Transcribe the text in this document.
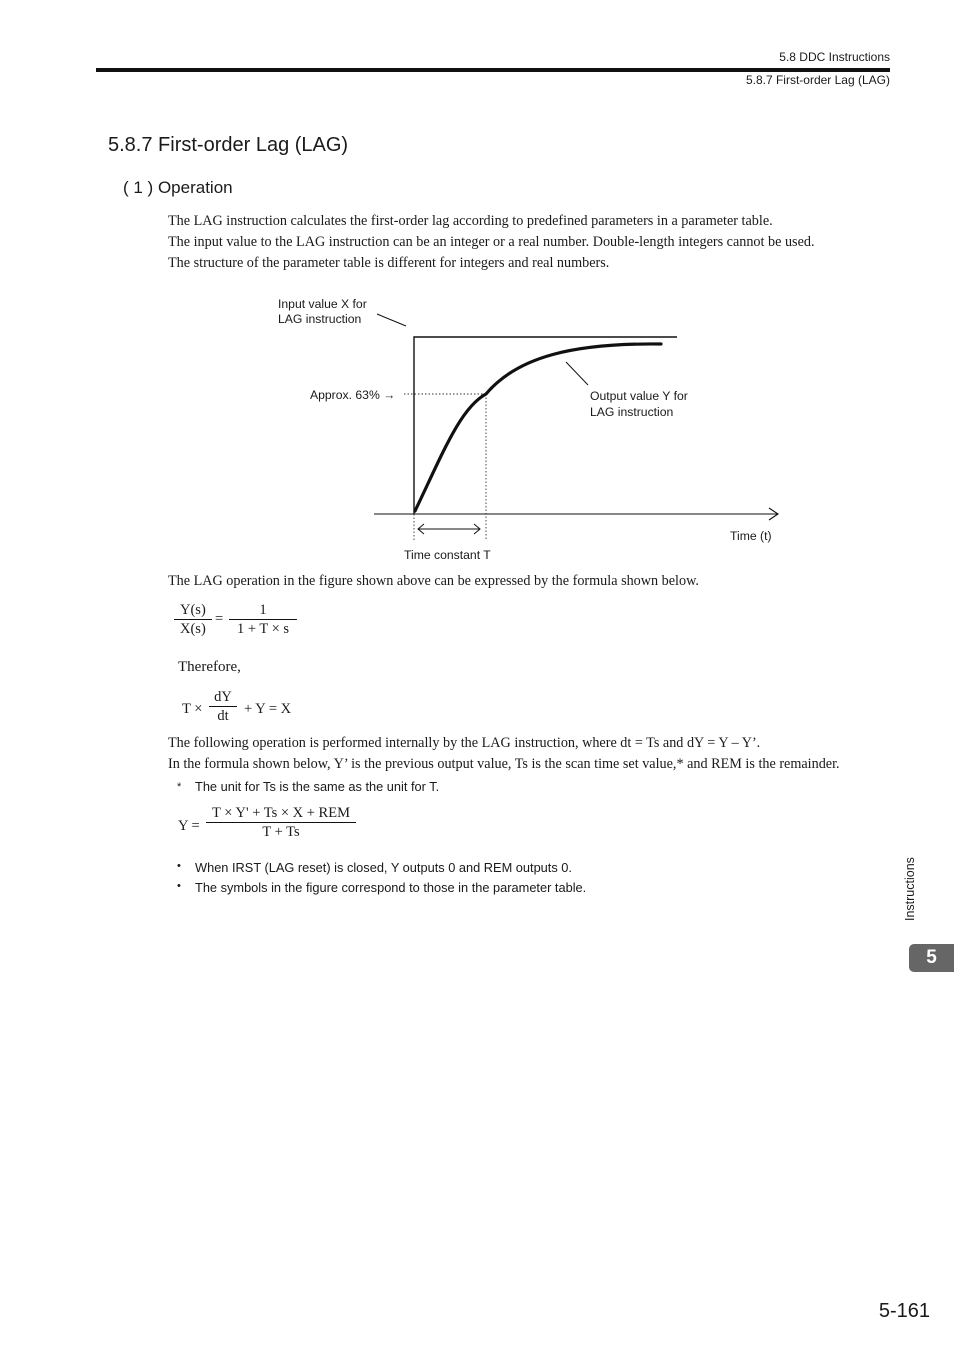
5.8 DDC Instructions
5.8.7 First-order Lag (LAG)
5.8.7 First-order Lag (LAG)
( 1 ) Operation
The LAG instruction calculates the first-order lag according to predefined parameters in a parameter table.
The input value to the LAG instruction can be an integer or a real number. Double-length integers cannot be used.
The structure of the parameter table is different for integers and real numbers.
Input value X for
LAG instruction
Approx. 63% →	Output value Y for
LAG instruction
Time (t)
Time constant T
The LAG operation in the figure shown above can be expressed by the formula shown below.
Y(s)
X(s)
=
1
1 + T × s
Therefore,
T ×
dY
dt	+ Y = X
The following operation is performed internally by the LAG instruction, where dt = Ts and dY = Y – Y’.
In the formula shown below, Y’ is the previous output value, Ts is the scan time set value,* and REM is the remainder.
* The unit for Ts is the same as the unit for T.
Y =
T × Y' + Ts × X + REM
T + Ts
• When IRST (LAG reset) is closed, Y outputs 0 and REM outputs 0.
• The symbols in the figure correspond to those in the parameter table.	Instructions
5
5-161
